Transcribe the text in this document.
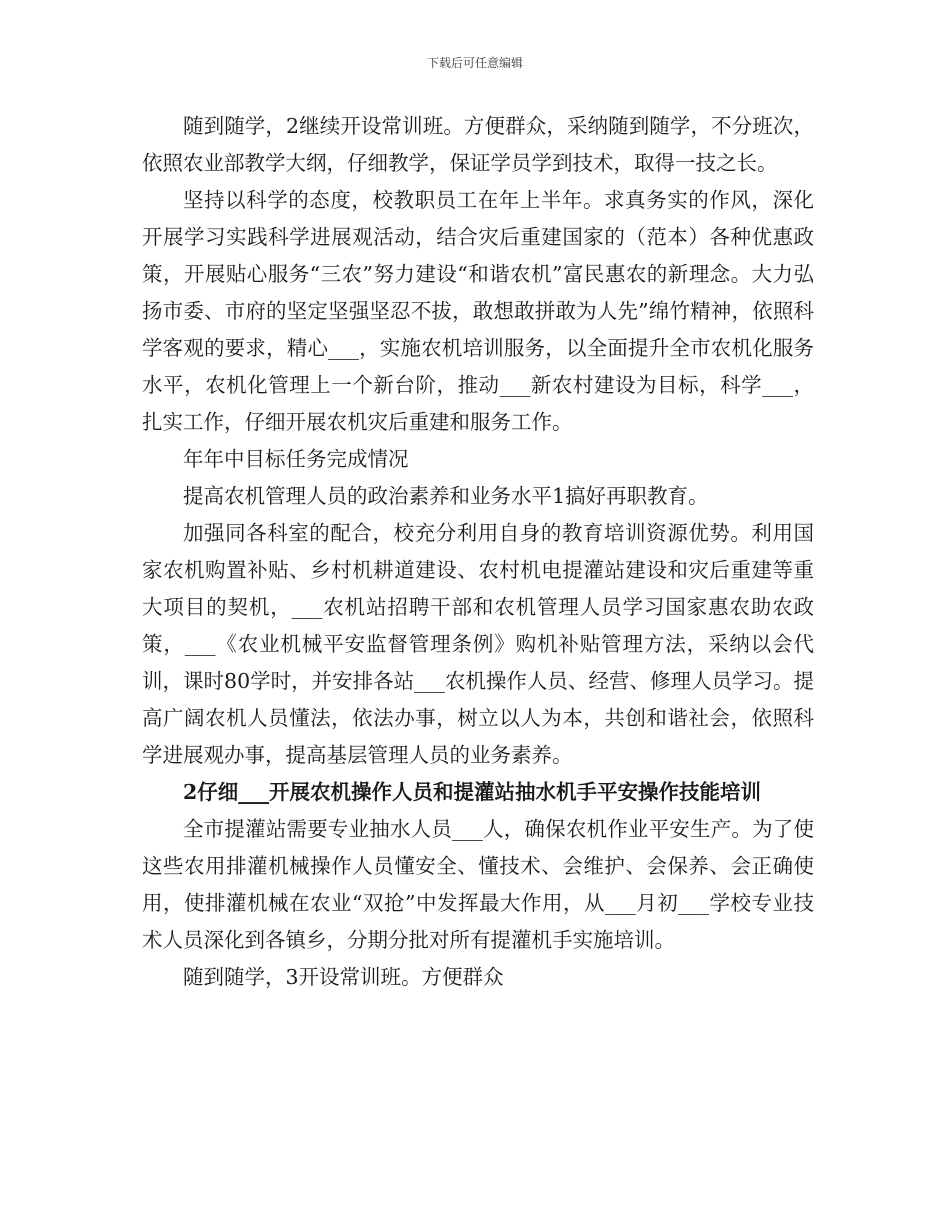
下载后可任意编辑

随到随学，2继续开设常训班。方便群众，采纳随到随学，不分班次，依照农业部教学大纲，仔细教学，保证学员学到技术，取得一技之长。

坚持以科学的态度，校教职员工在年上半年。求真务实的作风，深化开展学习实践科学进展观活动，结合灾后重建国家的（范本）各种优惠政策，开展贴心服务“三农”努力建设“和谐农机”富民惠农的新理念。大力弘扬市委、市府的坚定坚强坚忍不拔，敢想敢拼敢为人先”绵竹精神，依照科学客观的要求，精心___，实施农机培训服务，以全面提升全市农机化服务水平，农机化管理上一个新台阶，推动___新农村建设为目标，科学___，扎实工作，仔细开展农机灾后重建和服务工作。

年年中目标任务完成情况

提高农机管理人员的政治素养和业务水平1搞好再职教育。

加强同各科室的配合，校充分利用自身的教育培训资源优势。利用国家农机购置补贴、乡村机耕道建设、农村机电提灌站建设和灾后重建等重大项目的契机，___农机站招聘干部和农机管理人员学习国家惠农助农政策，___《农业机械平安监督管理条例》购机补贴管理方法，采纳以会代训，课时80学时，并安排各站___农机操作人员、经营、修理人员学习。提高广阔农机人员懂法，依法办事，树立以人为本，共创和谐社会，依照科学进展观办事，提高基层管理人员的业务素养。

2仔细___开展农机操作人员和提灌站抽水机手平安操作技能培训

全市提灌站需要专业抽水人员___人，确保农机作业平安生产。为了使这些农用排灌机械操作人员懂安全、懂技术、会维护、会保养、会正确使用，使排灌机械在农业“双抢”中发挥最大作用，从___月初___学校专业技术人员深化到各镇乡，分期分批对所有提灌机手实施培训。

随到随学，3开设常训班。方便群众
